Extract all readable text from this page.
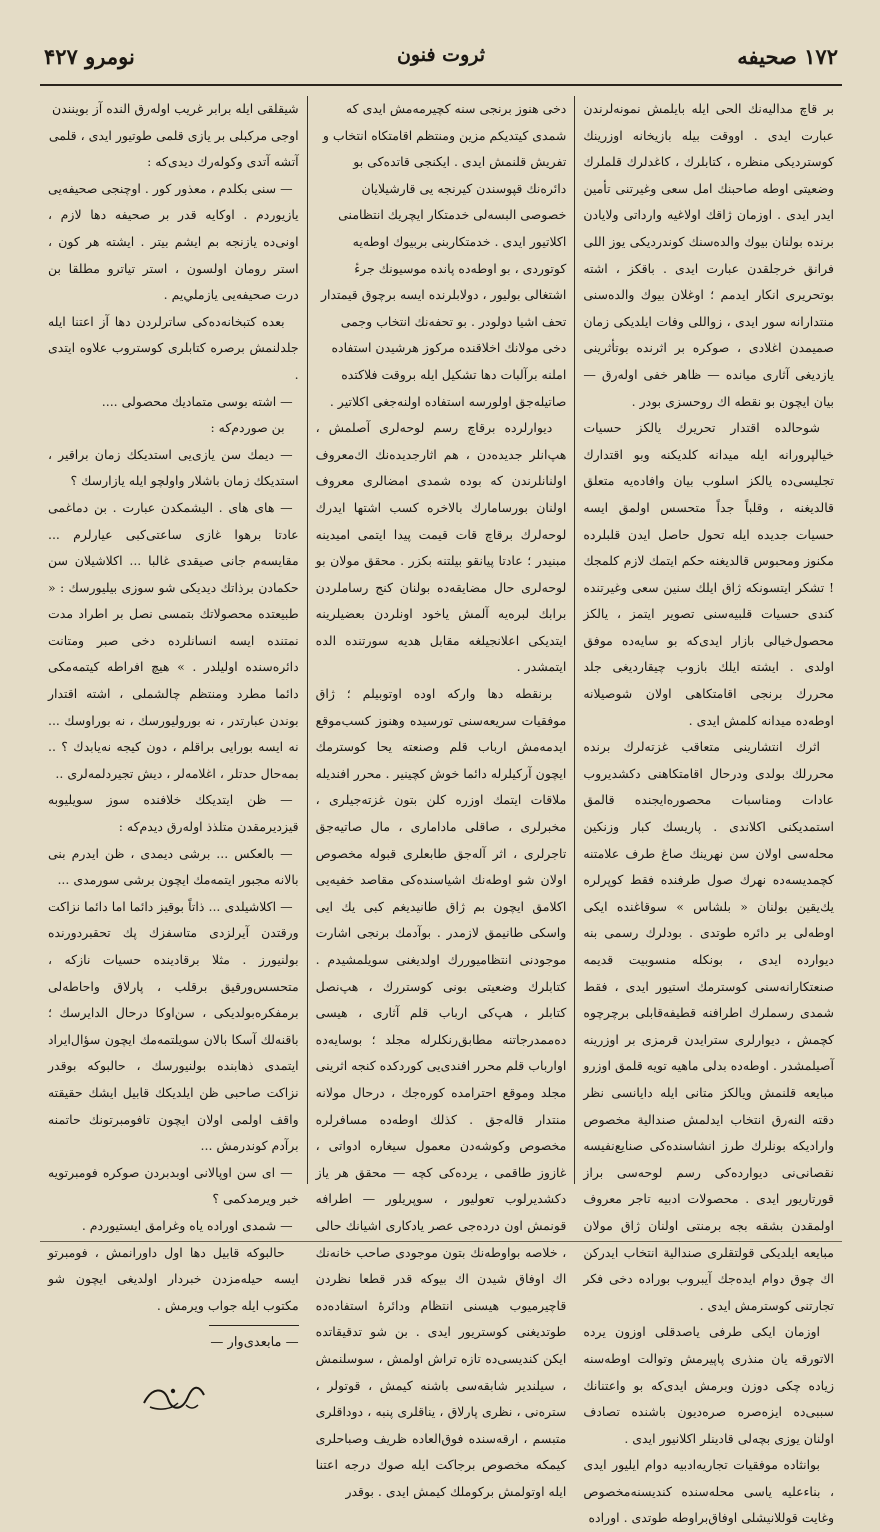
۱۷۲ صحيفه
ثروت فنون
نومرو ۴۲۷

بر قاچ مدالیه‌نك الحى ايله بايلمش نمونه‌لرندن عبارت ايدى . اووقت بيله بازيخانه اوزرينك كوستردیكى منظره ، كتابلرك ، كاغدلرك قلملرك وضعيتى اوطه صاحبنك امل سعى وغيرتنى تأمين ايدر ايدى . اوزمان ژاقك اولاغيه وارداتى ولايادن برنده بولنان بيوك والده‌سنك كوندرديكى يوز اللى فرانق خرجلقدن عبارت ايدى . باقكز ، اشته بوتحريرى انكار ايدمم ؛ اوغلان بيوك والده‌سنى منتدارانه سور ايدى ، زواللى وفات ايلديكى زمان صميمدن اغلادى ، صوكره بر اثرنده بوتأثرينى يازديغى آثارى ميانده — ظاهر خفى اوله‌رق — بيان ايچون بو نقطه اك روحسزى بودر .

شوحالده اقتدار تحریرك يالكز حسيات خيالپرورانه ايله ميدانه كلديكنه وبو اقتدارك تجلیسی‌ده يالكز اسلوب بيان وافاده‌يه متعلق قالديغنه ، وقلباً جداً متحسس اولمق ايسه حسيات جديده ايله تحول حاصل ايدن قلبلرده مكنوز ومحبوس قالديغنه حكم ايتمك لازم كلمجك ! تشكر ايتسونكه ژاق ايلك سنين سعى وغيرتنده كندى حسيات قلبيه‌سنى تصوير ايتمز ، يالكز محصول‌خيالى بازار ايدى‌كه بو سايه‌ده موفق اولدى . ايشته ايلك بازوب چيقارديغى جلد محررك برنجى اقامتكاهى اولان شوصيلانه اوطه‌ده ميدانه كلمش ايدى .

اثرك انتشارينى متعاقب غزته‌لرك برنده محررلك بولدى ودرحال اقامتكاهنى دكشديروب عادات ومناسبات محصوره‌ايجنده قالمق استمديكنى اكلاندى . پاريسك كبار وزنكين محله‌سى اولان سن نهرينك صاغ طرف علامتنه كچمدیسه‌ده نهرك صول طرفنده فقط كوپرلره يك‌يقين بولنان « بلشاس » سوقاغنده ايكى اوطه‌لى بر دائره طوتدى . بودلرك رسمى بنه ديوارده ايدى ، بونكله منسوبيت قديمه صنعتكارانه‌سنى كوسترمك استيور ايدى ، فقط شمدى رسملرك اطرافنه قطيفه‌قابلى برچرچوه كچمش ، ديوارلرى سترايدن قرمزى بر اوزرينه آصيلمشدر . اوطه‌ده بدلى ماهيه تويه قلمق اوزرو مبايعه قلنمش ويالكز متانى ايله دايانسى نظر دقته النه‌رق انتخاب ايدلمش صندالية مخصوص واراديكه بونلرك طرز انشاسنده‌كى صنايع‌نفيسه نقصانى‌نى ديوارده‌كى رسم لوحه‌سى براز قورتاريور ايدى . محصولات ادبيه تاجر معروف اولمقدن بشقه بجه برمنتى اولنان ژاق مولان مبايعه ايلديكى قولتقلرى صندالية انتخاب ايدركن اك چوق دوام ايده‌جك آيبروب بوراده دخى فكر تجارتنى كوسترمش ايدى .

اوزمان ايكى طرفى ياصدقلى اوزون يرده الاتورقه يان منذرى پاپيرمش وتوالت اوطه‌سنه زياده‌ چكى دوزن وبرمش ايدى‌كه بو واعتنانك سببى‌ده ايزه‌صره صره‌ديون باشنده تصادف اولنان يوزى بچه‌لى قادينلر اكلانيور ايدى .

بوانثاده موفقيات تجاريه‌ادبيه دوام ايليور ايدى ، بناءعليه ياسى محله‌سنده كنديسنه‌مخصوص وغايت قوللانيشلى اوفاق‌براوطه طوتدى . اوراده

دخى هنوز برنجى سنه كچيرمه‌مش ايدى كه شمدى كيتديكم مزين ومنتظم اقامتكاه انتخاب و تفريش قلنمش ايدى . ايكنجى قاتده‌كى بو دائره‌نك قپوسندن كيرنجه‌ يى قارشيلايان خصوصى البسه‌لى خدمتكار ايچريك انتظامنى اكلاتيور ايدى . خدمتكاربنى بربيوك اوطه‌يه كوتوردى ، بو اوطه‌ده پانده موسيونك جرءٔ اشتغالى بوليور ، دولابلرنده ايسه برچوق قيمتدار تحف اشيا دولودر . بو تحفه‌نك انتخاب وجمى دخى مولانك اخلاقنده مركوز هرشيدن استفاده املنه برآلبات دها تشكيل ايله بروقت فلاكتده صاتيله‌جق اولورسه استفاده اولنه‌جغى اكلاتير .

ديوارلرده برقاچ رسم لوحه‌لرى آصلمش ، هپ‌انلر جديده‌دن ، هم اثارجديده‌نك اك‌معروف اولنانلرندن كه بوده شمدى امضالرى معروف اولنان بورسامارك بالاخره كسب اشتها ايدرك لوحه‌لرك برقاچ قات قيمت پيدا ايتمى اميدينه مبنيدر ؛ عادتا پيانقو بيلتنه بكزر . محقق مولان بو لوحه‌لرى حال مضايقه‌ده بولنان كنج رساملردن برابك لبره‌يه آلمش ياخود اونلردن بعضيلرينه ايتديكى اعلانجيلغه مقابل هديه سورتنده الده ايتمشدر .

برنقطه دها واركه اوده اوتوبيلم ؛ ژاق موفقيات سريعه‌سنى تورسيده وهنوز كسب‌موقع ايدمه‌مش ارباب قلم وصنعته يحا كوسترمك ايچون آركيلرله دائما خوش كچينير . محرر افنديله ملاقات ايتمك اوزره كلن بتون غزته‌جيلرى ، مخبرلرى ، صاقلى مادامارى ، مال صاتيه‌جق تاجرلرى ، اثر آله‌جق طابعلرى قبوله مخصوص اولان شو اوطه‌نك اشياسنده‌كى مقاصد خفيه‌يى اكلامق ايچون بم ژاق طانيديغم كبى يك ايى واسكى طانيمق لازمدر . بوآدمك برنجى اشارت موجودنى انتظاميوررك اولديغنى سويلمشيدم . كتابلرك وضعيتى بونى كوستررك ، هپ‌نصل كتابلر ، هپ‌كى ارباب قلم آثارى ، هيسى ده‌ممدرجاتنه مطابق‌رنكلرله مجلد ؛ بوسايه‌ده اوارباب قلم محرر افندى‌يى كوردكده كنجه اثرينى مجلد وموقع احترامده كوره‌جك ، درحال مولانه منتدار قاله‌جق . كذلك اوطه‌ده مسافرلره مخصوص وكوشه‌دن معمول سيغاره ادواتى ، غازوز طاقمى ، يرده‌كى كچه — محقق هر ياز دكشديرلوب تعوليور ، سوپريلور — اطرافه قونمش اون درده‌جى عصر يادكارى اشيانك حالى ، خلاصه بواوطه‌نك بتون موجودى صاحب خانه‌نك اك اوفاق شيدن اك بيوكه قدر قطعا نظردن قاچيرميوب هيسنى انتظام ودائرهٔ استفاده‌ده طوتديغنى كوستريور ايدى . بن شو تدقيقاتده ايكن كنديسى‌ده تازه تراش اولمش ، سوسلنمش ، سيلندير شابقه‌سى باشنه كيمش ، قوتولر ، ستره‌نى ، نظرى پارلاق ، يناقلرى پنبه ، دوداقلرى متبسم ، ارقه‌سنده فوق‌العاده ظريف وصباحلرى كيمكه مخصوص برجاكت ايله صوك درجه اعتنا ايله اوتولمش بركوملك كيمش ايدى . بوقدر

شيقلقى ايله برابر غريب اوله‌رق النده آز بوينندن اوجى مركبلى بر يازى قلمى طوتيور ايدى ، قلمى آتشه آتدى وكوله‌رك ديدى‌كه :

— سنى بكلدم ، معذور كور . اوچنجى صحيفه‌يى يازيوردم . اوكايه قدر بر صحيفه دها لازم ، اونى‌ده يازنجه بم ايشم بيتر . ايشته هر كون ، استر رومان اولسون ، استر تياترو مطلقا بن درت صحيفه‌يى يازملي‌يم .

بعده كتبخانه‌ده‌كى ساترلردن دها آز اعتنا ايله جلدلنمش برصره كتابلرى كوستروب علاوه ايتدى .

— اشته بوسى متماديك محصولى ....

بن صوردم‌كه :

— ديمك سن يازى‌يى استديكك زمان براقير ، استديكك زمان باشلار واولچو ايله يازارسك ؟

— هاى هاى . اليشمكدن عبارت . بن دماغمى عادتا برهوا غازى ساعتى‌كبى عيارلرم ... مقايسه‌م جانى صيقدى غالبا ... اكلاشيلان سن حكمادن برذاتك ديديكى شو سوزى بيليورسك : « طبيعتده محصولاتك بتمسى نصل بر اطراد مدت نمتنده ايسه انسانلرده دخى صبر ومتانت دائره‌سنده اوليلدر . » هيچ افراطه كيتمه‌مكى دائما مطرد ومنتظم چالشملى ، اشته اقتدار بوندن عبارتدر ، نه بوروليورسك ، نه بوراوسك ... نه ايسه بورايى براقلم ، دون كيجه نه‌يابدك ؟ .. بمه‌حال حدتلر ، اغلامه‌لر ، ديش تجيردلمه‌لرى ..

— ظن ايتديكك خلافنده سوز سويليوبه قيزديرمقدن متلذذ اوله‌رق ديدم‌كه :

— بالعكس ... برشى ديمدى ، ظن ايدرم بنى بالانه مجبور ايتمه‌مك ايچون برشى سورمدى ...

— اكلاشيلدى ... ذاتاً بوقيز دائما اما دائما نزاكت ورقتدن آيرلزدى متاسفزك پك تحقبردورنده بولنيورز . مثلا برقادينده حسيات نازكه ، متحسس‌ورقيق برقلب ، پارلاق واحاطه‌لى برمفكره‌بولديكى ، سن‌اوكا درحال الدايرسك ؛ باقنه‌لك آسكا بالان سويلتمه‌مك ايچون سؤال‌ايراد ايتمدى ذهابنده بولنيورسك ، حالبوكه بوقدر نزاكت صاحبى ظن ايلديكك قابيل ايشك حقيقته واقف اولمى اولان ايچون تافومبرتونك حاتمنه برآدم كوندرمش ...

— اى سن اوپالانى اوبدبردن صوكره فومبرتويه خبر ويرمدكمى ؟

— شمدى اوراده‌ ياه وغرامق ايستيوردم .

حالبوكه قابيل دها اول داورانمش ، فومبرتو ايسه حيله‌مزدن خبردار اولديغى ايچون شو مكتوب ايله جواب ويرمش .

— مابعدى‌وار —
